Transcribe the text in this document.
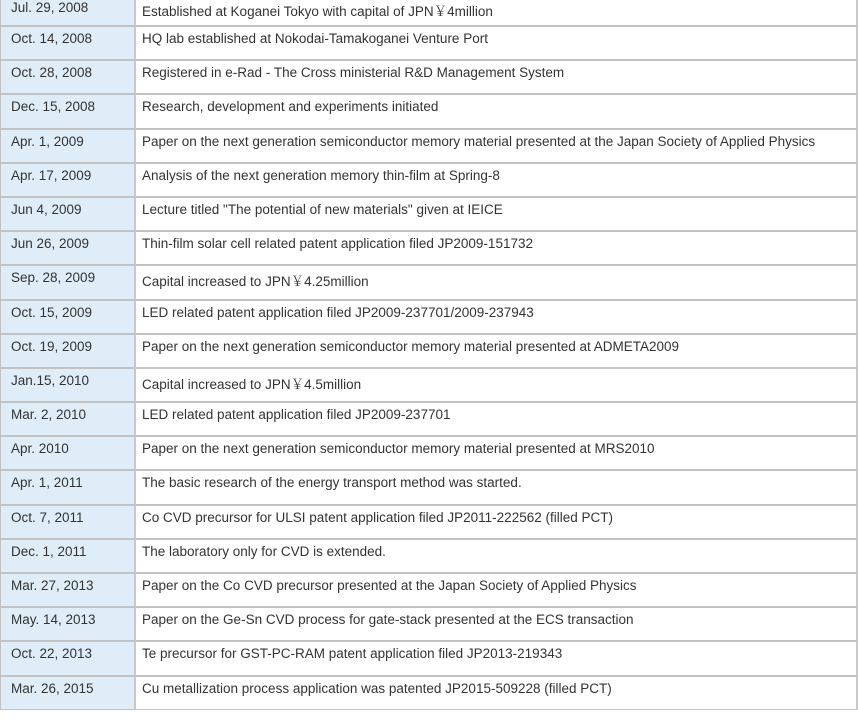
Jul. 29, 2008	Established at Koganei Tokyo with capital of JPN￥4million
Oct. 14, 2008	HQ lab established at Nokodai-Tamakoganei Venture Port
Oct. 28, 2008	Registered in e-Rad - The Cross ministerial R&D Management System
Dec. 15, 2008	Research, development and experiments initiated
Apr. 1, 2009	Paper on the next generation semiconductor memory material presented at the Japan Society of Applied Physics
Apr. 17, 2009	Analysis of the next generation memory thin-film at Spring-8
Jun 4, 2009	Lecture titled "The potential of new materials" given at IEICE
Jun 26, 2009	Thin-film solar cell related patent application filed JP2009-151732
Sep. 28, 2009	Capital increased to JPN￥4.25million
Oct. 15, 2009	LED related patent application filed JP2009-237701/2009-237943
Oct. 19, 2009	Paper on the next generation semiconductor memory material presented at ADMETA2009
Jan.15, 2010	Capital increased to JPN￥4.5million
Mar. 2, 2010	LED related patent application filed JP2009-237701
Apr. 2010	Paper on the next generation semiconductor memory material presented at MRS2010
Apr. 1, 2011	The basic research of the energy transport method was started.
Oct. 7, 2011	Co CVD precursor for ULSI patent application filed JP2011-222562 (filled PCT)
Dec. 1, 2011	The laboratory only for CVD is extended.
Mar. 27, 2013	Paper on the Co CVD precursor presented at the Japan Society of Applied Physics
May. 14, 2013	Paper on the Ge-Sn CVD process for gate-stack presented at the ECS transaction
Oct. 22, 2013	Te precursor for GST-PC-RAM patent application filed JP2013-219343
Mar. 26, 2015	Cu metallization process application was patented JP2015-509228 (filled PCT)
